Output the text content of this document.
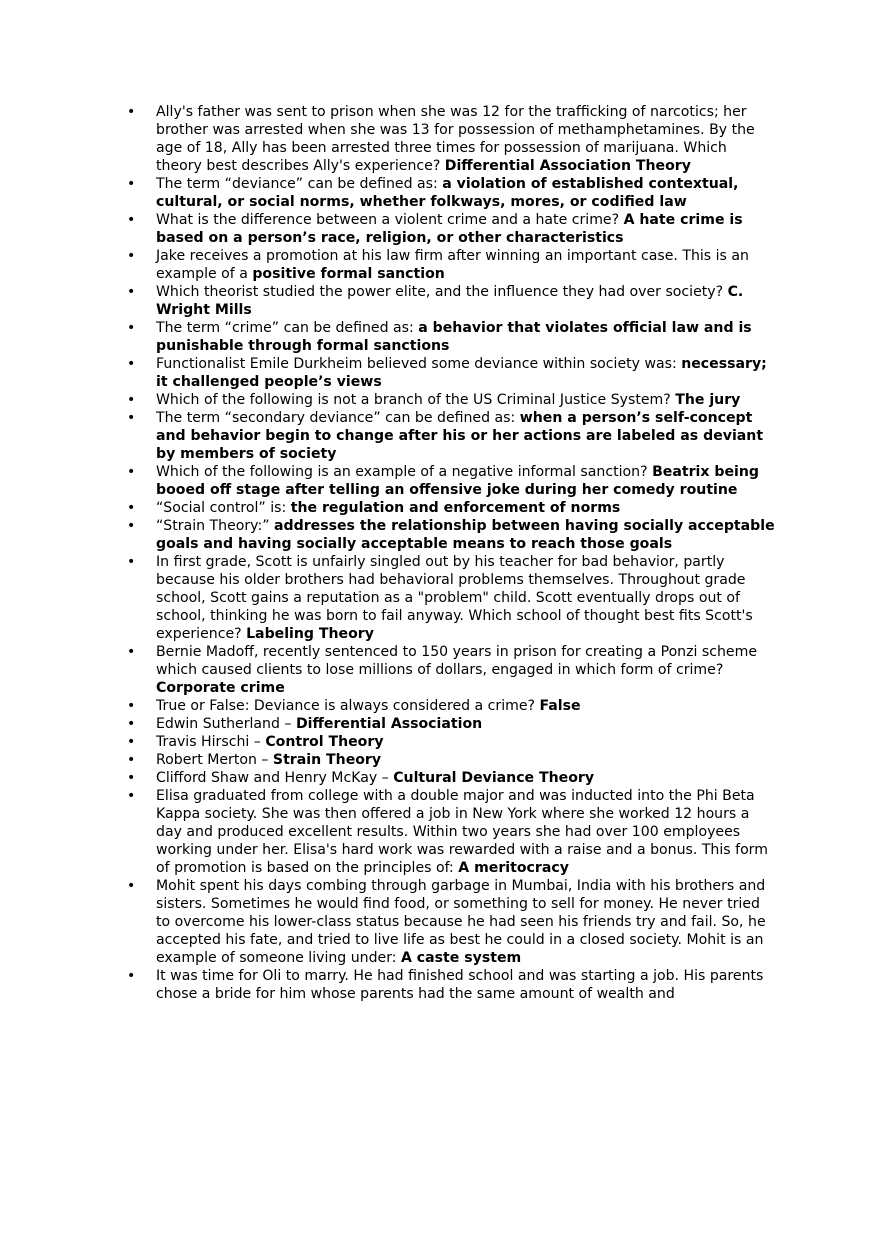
• Ally's father was sent to prison when she was 12 for the trafﬁcking of narcotics; her brother was arrested when she was 13 for possession of methamphetamines. By the age of 18, Ally has been arrested three times for possession of marijuana. Which theory best describes Ally's experience? Differential Association Theory
• The term “deviance” can be deﬁned as: a violation of established contextual, cultural, or social norms, whether folkways, mores, or codiﬁed law
• What is the difference between a violent crime and a hate crime? A hate crime is based on a person’s race, religion, or other characteristics
• Jake receives a promotion at his law ﬁrm after winning an important case. This is an example of a positive formal sanction
• Which theorist studied the power elite, and the inﬂuence they had over society? C. Wright Mills
• The term “crime” can be deﬁned as: a behavior that violates ofﬁcial law and is punishable through formal sanctions
• Functionalist Emile Durkheim believed some deviance within society was: necessary; it challenged people’s views
• Which of the following is not a branch of the US Criminal Justice System? The jury
• The term “secondary deviance” can be deﬁned as: when a person’s self-concept and behavior begin to change after his or her actions are labeled as deviant by members of society
• Which of the following is an example of a negative informal sanction? Beatrix being booed off stage after telling an offensive joke during her comedy routine
• “Social control” is: the regulation and enforcement of norms
• “Strain Theory:” addresses the relationship between having socially acceptable goals and having socially acceptable means to reach those goals
• In ﬁrst grade, Scott is unfairly singled out by his teacher for bad behavior, partly because his older brothers had behavioral problems themselves. Throughout grade school, Scott gains a reputation as a "problem" child. Scott eventually drops out of school, thinking he was born to fail anyway. Which school of thought best ﬁts Scott's experience? Labeling Theory
• Bernie Madoff, recently sentenced to 150 years in prison for creating a Ponzi scheme which caused clients to lose millions of dollars, engaged in which form of crime? Corporate crime
• True or False: Deviance is always considered a crime? False
• Edwin Sutherland – Differential Association
• Travis Hirschi – Control Theory
• Robert Merton – Strain Theory
• Clifford Shaw and Henry McKay – Cultural Deviance Theory
• Elisa graduated from college with a double major and was inducted into the Phi Beta Kappa society. She was then offered a job in New York where she worked 12 hours a day and produced excellent results. Within two years she had over 100 employees working under her. Elisa's hard work was rewarded with a raise and a bonus. This form of promotion is based on the principles of: A meritocracy
• Mohit spent his days combing through garbage in Mumbai, India with his brothers and sisters. Sometimes he would ﬁnd food, or something to sell for money. He never tried to overcome his lower-class status because he had seen his friends try and fail. So, he accepted his fate, and tried to live life as best he could in a closed society. Mohit is an example of someone living under: A caste system
• It was time for Oli to marry. He had ﬁnished school and was starting a job. His parents chose a bride for him whose parents had the same amount of wealth and
